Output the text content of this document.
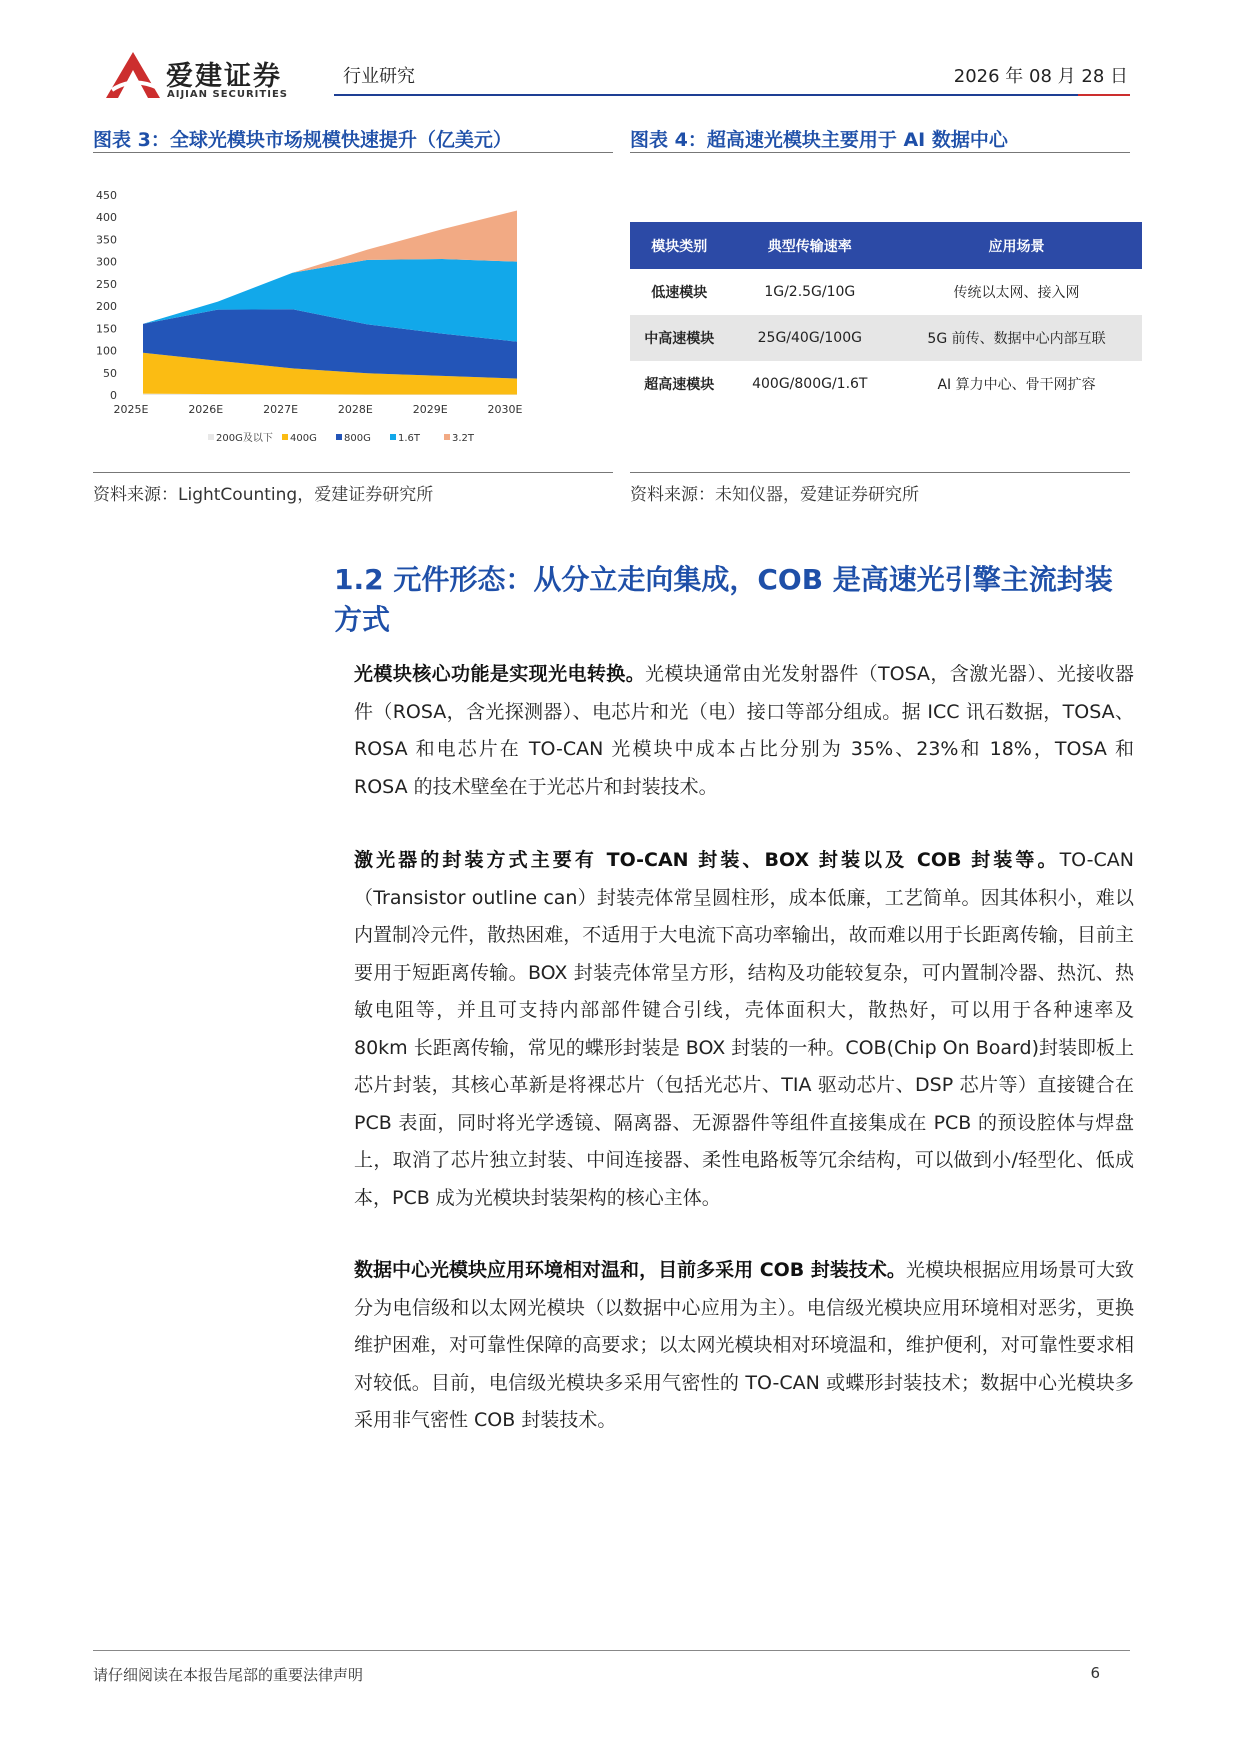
爱建证券
AIJIAN SECURITIES
行业研究	2026 年 08 月 28 日
图表 3：全球光模块市场规模快速提升（亿美元）
0
50
100
150
200
250
300
350
400
450
2025E	2026E	2027E	2028E	2029E	2030E
200G及以下 400G	800G	1.6T	3.2T
资料来源：LightCounting，爱建证券研究所
图表 4：超高速光模块主要用于 AI 数据中心
模块类别	典型传输速率	应用场景
低速模块	1G/2.5G/10G	传统以太网、接入网
中高速模块	25G/40G/100G	5G 前传、数据中心内部互联
超高速模块	400G/800G/1.6T	AI 算力中心、骨干网扩容
资料来源：未知仪器，爱建证券研究所
1.2 元件形态：从分立走向集成，COB 是高速光引擎主流封装方式
光模块核心功能是实现光电转换。光模块通常由光发射器件（TOSA，含激光器）、光接收器件（ROSA，含光探测器）、电芯片和光（电）接口等部分组成。据 ICC 讯石数据，TOSA、ROSA 和电芯片在 TO-CAN 光模块中成本占比分别为 35%、23%和 18%，TOSA 和 ROSA 的技术壁垒在于光芯片和封装技术。
激光器的封装方式主要有 TO-CAN 封装、BOX 封装以及 COB 封装等。TO-CAN（Transistor outline can）封装壳体常呈圆柱形，成本低廉，工艺简单。因其体积小，难以内置制冷元件，散热困难，不适用于大电流下高功率输出，故而难以用于长距离传输，目前主要用于短距离传输。BOX 封装壳体常呈方形，结构及功能较复杂，可内置制冷器、热沉、热敏电阻等，并且可支持内部部件键合引线，壳体面积大，散热好，可以用于各种速率及 80km 长距离传输，常见的蝶形封装是 BOX 封装的一种。COB(Chip On Board)封装即板上芯片封装，其核心革新是将裸芯片（包括光芯片、TIA 驱动芯片、DSP 芯片等）直接键合在 PCB 表面，同时将光学透镜、隔离器、无源器件等组件直接集成在 PCB 的预设腔体与焊盘上，取消了芯片独立封装、中间连接器、柔性电路板等冗余结构，可以做到小/轻型化、低成本，PCB 成为光模块封装架构的核心主体。
数据中心光模块应用环境相对温和，目前多采用 COB 封装技术。光模块根据应用场景可大致分为电信级和以太网光模块（以数据中心应用为主）。电信级光模块应用环境相对恶劣，更换维护困难，对可靠性保障的高要求；以太网光模块相对环境温和，维护便利，对可靠性要求相对较低。目前，电信级光模块多采用气密性的 TO-CAN 或蝶形封装技术；数据中心光模块多采用非气密性 COB 封装技术。
请仔细阅读在本报告尾部的重要法律声明	6
